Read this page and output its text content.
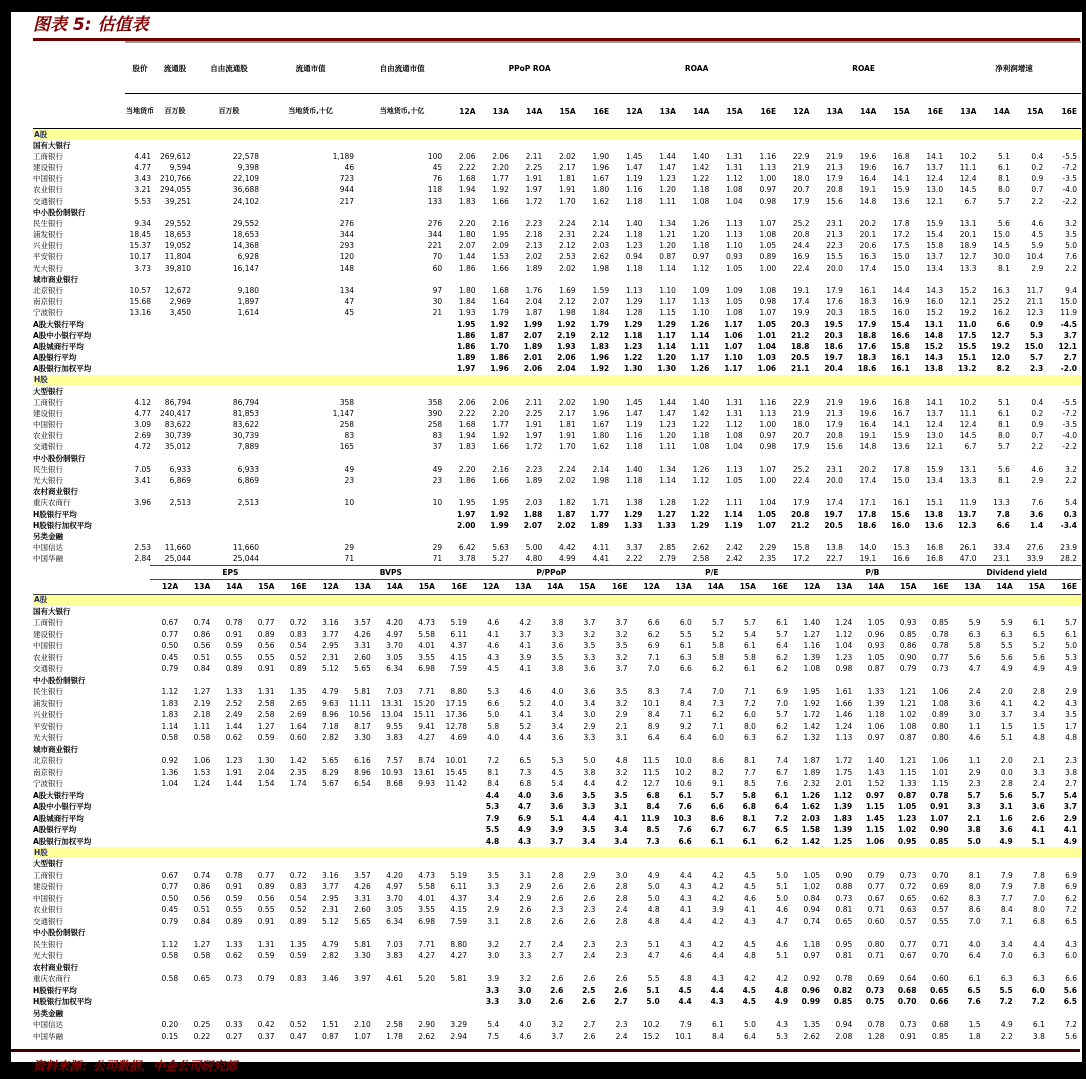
图表 5: 估值表
	股价	流通股	自由流通股	流通市值	自由流通市值	PPoP ROA					ROAA					ROAE					净利润增速			
	当地货币	百万股	百万股	当地货币,十亿	当地货币,十亿	12A	13A	14A	15A	16E	12A	13A	14A	15A	16E	12A	13A	14A	15A	16E	13A	14A	15A	16E
A股																								
国有大银行																								
工商银行	4.41	269,612	22,578	1,189	100	2.06	2.06	2.11	2.02	1.90	1.45	1.44	1.40	1.31	1.16	22.9	21.9	19.6	16.8	14.1	10.2	5.1	0.4	-5.5
建设银行	4.77	9,594	9,398	46	45	2.22	2.20	2.25	2.17	1.96	1.47	1.47	1.42	1.31	1.13	21.9	21.3	19.6	16.7	13.7	11.1	6.1	0.2	-7.2
中国银行	3.43	210,766	22,109	723	76	1.68	1.77	1.91	1.81	1.67	1.19	1.23	1.22	1.12	1.00	18.0	17.9	16.4	14.1	12.4	12.4	8.1	0.9	-3.5
农业银行	3.21	294,055	36,688	944	118	1.94	1.92	1.97	1.91	1.80	1.16	1.20	1.18	1.08	0.97	20.7	20.8	19.1	15.9	13.0	14.5	8.0	0.7	-4.0
交通银行	5.53	39,251	24,102	217	133	1.83	1.66	1.72	1.70	1.62	1.18	1.11	1.08	1.04	0.98	17.9	15.6	14.8	13.6	12.1	6.7	5.7	2.2	-2.2
中小股份制银行																								
民生银行	9.34	29,552	29,552	276	276	2.20	2.16	2.23	2.24	2.14	1.40	1.34	1.26	1.13	1.07	25.2	23.1	20.2	17.8	15.9	13.1	5.6	4.6	3.2
浦发银行	18.45	18,653	18,653	344	344	1.80	1.95	2.18	2.31	2.24	1.18	1.21	1.20	1.13	1.08	20.8	21.3	20.1	17.2	15.4	20.1	15.0	4.5	3.5
兴业银行	15.37	19,052	14,368	293	221	2.07	2.09	2.13	2.12	2.03	1.23	1.20	1.18	1.10	1.05	24.4	22.3	20.6	17.5	15.8	18.9	14.5	5.9	5.0
平安银行	10.17	11,804	6,928	120	70	1.44	1.53	2.02	2.53	2.62	0.94	0.87	0.97	0.93	0.89	16.9	15.5	16.3	15.0	13.7	12.7	30.0	10.4	7.6
光大银行	3.73	39,810	16,147	148	60	1.86	1.66	1.89	2.02	1.98	1.18	1.14	1.12	1.05	1.00	22.4	20.0	17.4	15.0	13.4	13.3	8.1	2.9	2.2
城市商业银行																								
北京银行	10.57	12,672	9,180	134	97	1.80	1.68	1.76	1.69	1.59	1.13	1.10	1.09	1.09	1.08	19.1	17.9	16.1	14.4	14.3	15.2	16.3	11.7	9.4
南京银行	15.68	2,969	1,897	47	30	1.84	1.64	2.04	2.12	2.07	1.29	1.17	1.13	1.05	0.98	17.4	17.6	18.3	16.9	16.0	12.1	25.2	21.1	15.0
宁波银行	13.16	3,450	1,614	45	21	1.93	1.79	1.87	1.98	1.84	1.28	1.15	1.10	1.08	1.07	19.9	20.3	18.5	16.0	15.2	19.2	16.2	12.3	11.9
A股大银行平均						1.95	1.92	1.99	1.92	1.79	1.29	1.29	1.26	1.17	1.05	20.3	19.5	17.9	15.4	13.1	11.0	6.6	0.9	-4.5
A股中小银行平均						1.86	1.87	2.07	2.19	2.12	1.18	1.17	1.14	1.06	1.01	21.2	20.3	18.8	16.6	14.8	17.5	12.7	5.3	3.7
A股城商行平均						1.86	1.70	1.89	1.93	1.83	1.23	1.14	1.11	1.07	1.04	18.8	18.6	17.6	15.8	15.2	15.5	19.2	15.0	12.1
A股银行平均						1.89	1.86	2.01	2.06	1.96	1.22	1.20	1.17	1.10	1.03	20.5	19.7	18.3	16.1	14.3	15.1	12.0	5.7	2.7
A股银行加权平均						1.97	1.96	2.06	2.04	1.92	1.30	1.30	1.26	1.17	1.06	21.1	20.4	18.6	16.1	13.8	13.2	8.2	2.3	-2.0
H股																								
大型银行																								
工商银行	4.12	86,794	86,794	358	358	2.06	2.06	2.11	2.02	1.90	1.45	1.44	1.40	1.31	1.16	22.9	21.9	19.6	16.8	14.1	10.2	5.1	0.4	-5.5
建设银行	4.77	240,417	81,853	1,147	390	2.22	2.20	2.25	2.17	1.96	1.47	1.47	1.42	1.31	1.13	21.9	21.3	19.6	16.7	13.7	11.1	6.1	0.2	-7.2
中国银行	3.09	83,622	83,622	258	258	1.68	1.77	1.91	1.81	1.67	1.19	1.23	1.22	1.12	1.00	18.0	17.9	16.4	14.1	12.4	12.4	8.1	0.9	-3.5
农业银行	2.69	30,739	30,739	83	83	1.94	1.92	1.97	1.91	1.80	1.16	1.20	1.18	1.08	0.97	20.7	20.8	19.1	15.9	13.0	14.5	8.0	0.7	-4.0
交通银行	4.72	35,012	7,889	165	37	1.83	1.66	1.72	1.70	1.62	1.18	1.11	1.08	1.04	0.98	17.9	15.6	14.8	13.6	12.1	6.7	5.7	2.2	-2.2
中小股份制银行																								
民生银行	7.05	6,933	6,933	49	49	2.20	2.16	2.23	2.24	2.14	1.40	1.34	1.26	1.13	1.07	25.2	23.1	20.2	17.8	15.9	13.1	5.6	4.6	3.2
光大银行	3.41	6,869	6,869	23	23	1.86	1.66	1.89	2.02	1.98	1.18	1.14	1.12	1.05	1.00	22.4	20.0	17.4	15.0	13.4	13.3	8.1	2.9	2.2
农村商业银行																								
重庆农商行	3.96	2,513	2,513	10	10	1.95	1.95	2.03	1.82	1.71	1.38	1.28	1.22	1.11	1.04	17.9	17.4	17.1	16.1	15.1	11.9	13.3	7.6	5.4
H股银行平均						1.97	1.92	1.88	1.87	1.77	1.29	1.27	1.22	1.14	1.05	20.8	19.7	17.8	15.6	13.8	13.7	7.8	3.6	0.3
H股银行加权平均						2.00	1.99	2.07	2.02	1.89	1.33	1.33	1.29	1.19	1.07	21.2	20.5	18.6	16.0	13.6	12.3	6.6	1.4	-3.4
另类金融																								
中国信达	2.53	11,660	11,660	29	29	6.42	5.63	5.00	4.42	4.11	3.37	2.85	2.62	2.42	2.29	15.8	13.8	14.0	15.3	16.8	26.1	33.4	27.6	23.9
中国华融	2.84	25,044	25,044	71	71	3.78	5.27	4.80	4.99	4.41	2.22	2.79	2.58	2.42	2.35	17.2	22.7	19.1	16.6	16.8	47.0	23.1	33.9	28.2
	EPS					BVPS					P/PPoP					P/E					P/B					Dividend yield			
	12A	13A	14A	15A	16E	12A	13A	14A	15A	16E	12A	13A	14A	15A	16E	12A	13A	14A	15A	16E	12A	13A	14A	15A	16E	13A	14A	15A	16E
A股																													
国有大银行																													
工商银行	0.67	0.74	0.78	0.77	0.72	3.16	3.57	4.20	4.73	5.19	4.6	4.2	3.8	3.7	3.7	6.6	6.0	5.7	5.7	6.1	1.40	1.24	1.05	0.93	0.85	5.9	5.9	6.1	5.7
建设银行	0.77	0.86	0.91	0.89	0.83	3.77	4.26	4.97	5.58	6.11	4.1	3.7	3.3	3.2	3.2	6.2	5.5	5.2	5.4	5.7	1.27	1.12	0.96	0.85	0.78	6.3	6.3	6.5	6.1
中国银行	0.50	0.56	0.59	0.56	0.54	2.95	3.31	3.70	4.01	4.37	4.6	4.1	3.6	3.5	3.5	6.9	6.1	5.8	6.1	6.4	1.16	1.04	0.93	0.86	0.78	5.8	5.5	5.2	5.0
农业银行	0.45	0.51	0.55	0.55	0.52	2.31	2.60	3.05	3.55	4.15	4.3	3.9	3.5	3.3	3.2	7.1	6.3	5.8	5.8	6.2	1.39	1.23	1.05	0.90	0.77	5.6	5.6	5.6	5.3
交通银行	0.79	0.84	0.89	0.91	0.89	5.12	5.65	6.34	6.98	7.59	4.5	4.1	3.8	3.6	3.7	7.0	6.6	6.2	6.1	6.2	1.08	0.98	0.87	0.79	0.73	4.7	4.9	4.9	4.9
中小股份制银行																													
民生银行	1.12	1.27	1.33	1.31	1.35	4.79	5.81	7.03	7.71	8.80	5.3	4.6	4.0	3.6	3.5	8.3	7.4	7.0	7.1	6.9	1.95	1.61	1.33	1.21	1.06	2.4	2.0	2.8	2.9
浦发银行	1.83	2.19	2.52	2.58	2.65	9.63	11.11	13.31	15.20	17.15	6.6	5.2	4.0	3.4	3.2	10.1	8.4	7.3	7.2	7.0	1.92	1.66	1.39	1.21	1.08	3.6	4.1	4.2	4.3
兴业银行	1.83	2.18	2.49	2.58	2.69	8.96	10.56	13.04	15.11	17.36	5.0	4.1	3.4	3.0	2.9	8.4	7.1	6.2	6.0	5.7	1.72	1.46	1.18	1.02	0.89	3.0	3.7	3.4	3.5
平安银行	1.14	1.11	1.44	1.27	1.64	7.18	8.17	9.55	9.41	12.78	5.8	5.2	3.4	2.9	2.1	8.9	9.2	7.1	8.0	6.2	1.42	1.24	1.06	1.08	0.80	1.1	1.5	1.5	1.7
光大银行	0.58	0.58	0.62	0.59	0.60	2.82	3.30	3.83	4.27	4.69	4.0	4.4	3.6	3.3	3.1	6.4	6.4	6.0	6.3	6.2	1.32	1.13	0.97	0.87	0.80	4.6	5.1	4.8	4.8
城市商业银行																													
北京银行	0.92	1.06	1.23	1.30	1.42	5.65	6.16	7.57	8.74	10.01	7.2	6.5	5.3	5.0	4.8	11.5	10.0	8.6	8.1	7.4	1.87	1.72	1.40	1.21	1.06	1.1	2.0	2.1	2.3
南京银行	1.36	1.53	1.91	2.04	2.35	8.29	8.96	10.93	13.61	15.45	8.1	7.3	4.5	3.8	3.2	11.5	10.2	8.2	7.7	6.7	1.89	1.75	1.43	1.15	1.01	2.9	0.0	3.3	3.8
宁波银行	1.04	1.24	1.44	1.54	1.74	5.67	6.54	8.68	9.93	11.42	8.4	6.8	5.4	4.4	4.2	12.7	10.6	9.1	8.5	7.6	2.32	2.01	1.52	1.33	1.15	2.3	2.8	2.4	2.7
A股大银行平均											4.4	4.0	3.6	3.5	3.5	6.8	6.1	5.7	5.8	6.1	1.26	1.12	0.97	0.87	0.78	5.7	5.6	5.7	5.4
A股中小银行平均											5.3	4.7	3.6	3.3	3.1	8.4	7.6	6.6	6.8	6.4	1.62	1.39	1.15	1.05	0.91	3.3	3.1	3.6	3.7
A股城商行平均											7.9	6.9	5.1	4.4	4.1	11.9	10.3	8.6	8.1	7.2	2.03	1.83	1.45	1.23	1.07	2.1	1.6	2.6	2.9
A股银行平均											5.5	4.9	3.9	3.5	3.4	8.5	7.6	6.7	6.7	6.5	1.58	1.39	1.15	1.02	0.90	3.8	3.6	4.1	4.1
A股银行加权平均											4.8	4.3	3.7	3.4	3.4	7.3	6.6	6.1	6.1	6.2	1.42	1.25	1.06	0.95	0.85	5.0	4.9	5.1	4.9
H股																													
大型银行																													
工商银行	0.67	0.74	0.78	0.77	0.72	3.16	3.57	4.20	4.73	5.19	3.5	3.1	2.8	2.9	3.0	4.9	4.4	4.2	4.5	5.0	1.05	0.90	0.79	0.73	0.70	8.1	7.9	7.8	6.9
建设银行	0.77	0.86	0.91	0.89	0.83	3.77	4.26	4.97	5.58	6.11	3.3	2.9	2.6	2.6	2.8	5.0	4.3	4.2	4.5	5.1	1.02	0.88	0.77	0.72	0.69	8.0	7.9	7.8	6.9
中国银行	0.50	0.56	0.59	0.56	0.54	2.95	3.31	3.70	4.01	4.37	3.4	2.9	2.6	2.6	2.8	5.0	4.3	4.2	4.6	5.0	0.84	0.73	0.67	0.65	0.62	8.3	7.7	7.0	6.2
农业银行	0.45	0.51	0.55	0.55	0.52	2.31	2.60	3.05	3.55	4.15	2.9	2.6	2.3	2.3	2.4	4.8	4.1	3.9	4.1	4.6	0.94	0.81	0.71	0.63	0.57	8.6	8.4	8.0	7.2
交通银行	0.79	0.84	0.89	0.91	0.89	5.12	5.65	6.34	6.98	7.59	3.1	2.8	2.6	2.6	2.8	4.8	4.4	4.2	4.3	4.7	0.74	0.65	0.60	0.57	0.55	7.0	7.1	6.8	6.5
中小股份制银行																													
民生银行	1.12	1.27	1.33	1.31	1.35	4.79	5.81	7.03	7.71	8.80	3.2	2.7	2.4	2.3	2.3	5.1	4.3	4.2	4.5	4.6	1.18	0.95	0.80	0.77	0.71	4.0	3.4	4.4	4.3
光大银行	0.58	0.58	0.62	0.59	0.59	2.82	3.30	3.83	4.27	4.27	3.0	3.3	2.7	2.4	2.3	4.7	4.6	4.4	4.8	5.1	0.97	0.81	0.71	0.67	0.70	6.4	7.0	6.3	6.0
农村商业银行																													
重庆农商行	0.58	0.65	0.73	0.79	0.83	3.46	3.97	4.61	5.20	5.81	3.9	3.2	2.6	2.6	2.6	5.5	4.8	4.3	4.2	4.2	0.92	0.78	0.69	0.64	0.60	6.1	6.3	6.3	6.6
H股银行平均											3.3	3.0	2.6	2.5	2.6	5.1	4.5	4.4	4.5	4.8	0.96	0.82	0.73	0.68	0.65	6.5	5.5	6.0	5.6
H股银行加权平均											3.3	3.0	2.6	2.6	2.7	5.0	4.4	4.3	4.5	4.9	0.99	0.85	0.75	0.70	0.66	7.6	7.2	7.2	6.5
另类金融																													
中国信达	0.20	0.25	0.33	0.42	0.52	1.51	2.10	2.58	2.90	3.29	5.4	4.0	3.2	2.7	2.3	10.2	7.9	6.1	5.0	4.3	1.35	0.94	0.78	0.73	0.68	1.5	4.9	6.1	7.2
中国华融	0.15	0.22	0.27	0.37	0.47	0.87	1.07	1.78	2.62	2.94	7.5	4.6	3.7	2.6	2.4	15.2	10.1	8.4	6.4	5.3	2.62	2.08	1.28	0.91	0.85	1.8	2.2	3.8	5.6
资料来源：公司数据，中金公司研究部
